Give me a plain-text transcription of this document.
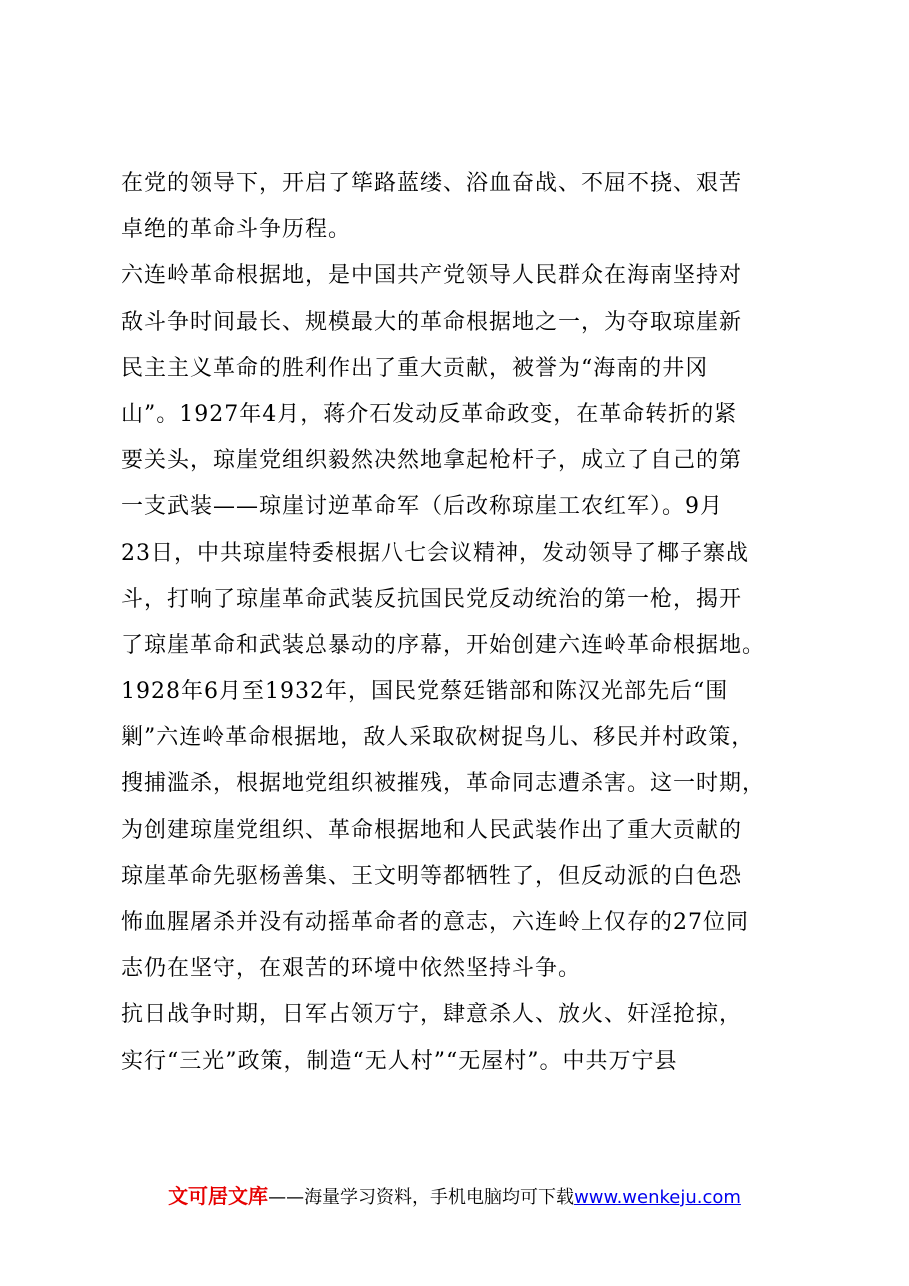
在党的领导下，开启了筚路蓝缕、浴血奋战、不屈不挠、艰苦
卓绝的革命斗争历程。
六连岭革命根据地，是中国共产党领导人民群众在海南坚持对
敌斗争时间最长、规模最大的革命根据地之一，为夺取琼崖新
民主主义革命的胜利作出了重大贡献，被誉为“海南的井冈
山”。1927年4月，蒋介石发动反革命政变，在革命转折的紧
要关头，琼崖党组织毅然决然地拿起枪杆子，成立了自己的第
一支武装——琼崖讨逆革命军（后改称琼崖工农红军）。9月
23日，中共琼崖特委根据八七会议精神，发动领导了椰子寨战
斗，打响了琼崖革命武装反抗国民党反动统治的第一枪，揭开
了琼崖革命和武装总暴动的序幕，开始创建六连岭革命根据地。
1928年6月至1932年，国民党蔡廷锴部和陈汉光部先后“围
剿”六连岭革命根据地，敌人采取砍树捉鸟儿、移民并村政策，
搜捕滥杀，根据地党组织被摧残，革命同志遭杀害。这一时期，
为创建琼崖党组织、革命根据地和人民武装作出了重大贡献的
琼崖革命先驱杨善集、王文明等都牺牲了，但反动派的白色恐
怖血腥屠杀并没有动摇革命者的意志，六连岭上仅存的27位同
志仍在坚守，在艰苦的环境中依然坚持斗争。
抗日战争时期，日军占领万宁，肆意杀人、放火、奸淫抢掠，
实行“三光”政策，制造“无人村”“无屋村”。中共万宁县
文可居文库——海量学习资料，手机电脑均可下载www.wenkeju.com
